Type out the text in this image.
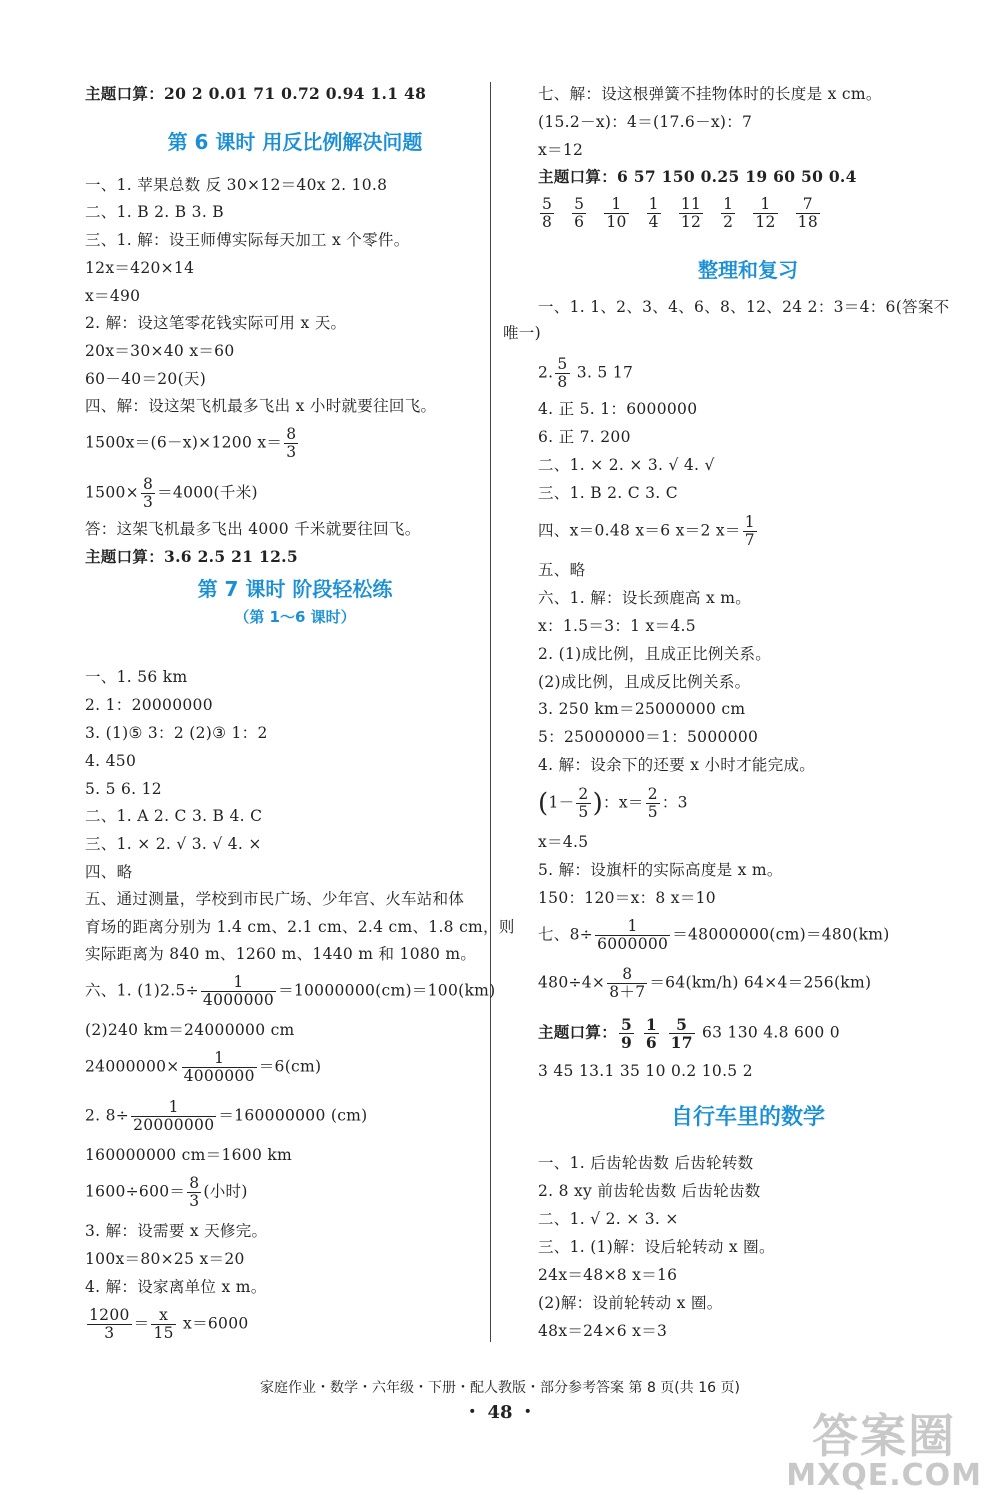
主题口算：20 2 0.01 71 0.72 0.94 1.1 48
第 6 课时 用反比例解决问题
一、1. 苹果总数 反 30×12＝40x 2. 10.8
二、1. B 2. B 3. B
三、1. 解：设王师傅实际每天加工 x 个零件。
12x＝420×14
x＝490
2. 解：设这笔零花钱实际可用 x 天。
20x＝30×40 x＝60
60－40＝20(天)
四、解：设这架飞机最多飞出 x 小时就要往回飞。
1500x＝(6－x)×1200 $x= \frac{8}{3}$
$1500\times \frac{8}{3} =4000$(千米)
答：这架飞机最多飞出 4000 千米就要往回飞。
主题口算：3.6 2.5 21 12.5
第 7 课时 阶段轻松练
（第 1～6 课时）
一、1. 56 km
2. 1：20000000
3. (1)⑤ 3：2 (2)③ 1：2
4. 450
5. 5 6. 12
二、1. A 2. C 3. B 4. C
三、1. × 2. √ 3. √ 4. ×
四、略
五、通过测量，学校到市民广场、少年宫、火车站和体
育场的距离分别为 1.4 cm、2.1 cm、2.4 cm、1.8 cm，则
实际距离为 840 m、1260 m、1440 m 和 1080 m。
六、1. $(1)2.5\div \frac{1}{4000000} =10000000(cm)=100(km)$
(2)240 km＝24000000 cm
$24000000\times \frac{1}{4000000} =6(cm)$
2. $8\div \frac{1}{20000000} =160000000$ (cm)
160000000 cm＝1600 km
$1600\div 600= \frac{8}{3}$ (小时)
3. 解：设需要 x 天修完。
100x＝80×25 x＝20
4. 解：设家离单位 x m。
$\frac{1200}{3} = \frac{x}{15} x=6000$
七、解：设这根弹簧不挂物体时的长度是 x cm。
(15.2－x)：4＝(17.6－x)：7
x＝12
主题口算：6 57 150 0.25 19 60 50 0.4
$\frac{5}{8} \frac{5}{6} \frac{1}{10} \frac{1}{4} \frac{11}{12} \frac{1}{2} \frac{1}{12} \frac{7}{18}$
整理和复习
一、1. 1、2、3、4、6、8、12、24 2：3＝4：6(答案不
唯一)
2. $\frac{5}{8} 3$. 5 17
4. 正 5. 1：6000000
6. 正 7. 200
二、1. × 2. × 3. √ 4. √
三、1. B 2. C 3. C
四、x＝0.48 x＝6 x＝2 $x= \frac{1}{7}$
五、略
六、1. 解：设长颈鹿高 x m。
x：1.5＝3：1 x＝4.5
2. (1)成比例，且成正比例关系。
(2)成比例，且成反比例关系。
3. 250 km＝25000000 cm
5：25000000＝1：5000000
4. 解：设余下的还要 x 小时才能完成。
($1- \frac{2}{5}$ )：$x= \frac{2}{5}$ ：3
x＝4.5
5. 解：设旗杆的实际高度是 x m。
150：120＝x：8 x＝10
七、$8\div \frac{1}{6000000} =48000000(cm)=480(km)$
$480\div 4\times \frac{8}{8+7} =64(km/h)$ 64×4＝256(km)
主题口算： $\frac{5}{9}$
$\frac{1}{6}$
$\frac{5}{17} 63$ 130 4.8 600 0
3 45 13.1 35 10 0.2 10.5 2
自行车里的数学
一、1. 后齿轮齿数 后齿轮转数
2. 8 xy 前齿轮齿数 后齿轮齿数
二、1. √ 2. × 3. ×
三、1. (1)解：设后轮转动 x 圈。
24x＝48×8 x＝16
(2)解：设前轮转动 x 圈。
48x＝24×6 x＝3
家庭作业・数学・六年级・下册・配人教版・部分参考答案 第 8 页(共 16 页)
・ 48 ・	答案圈
MXQE.COM
